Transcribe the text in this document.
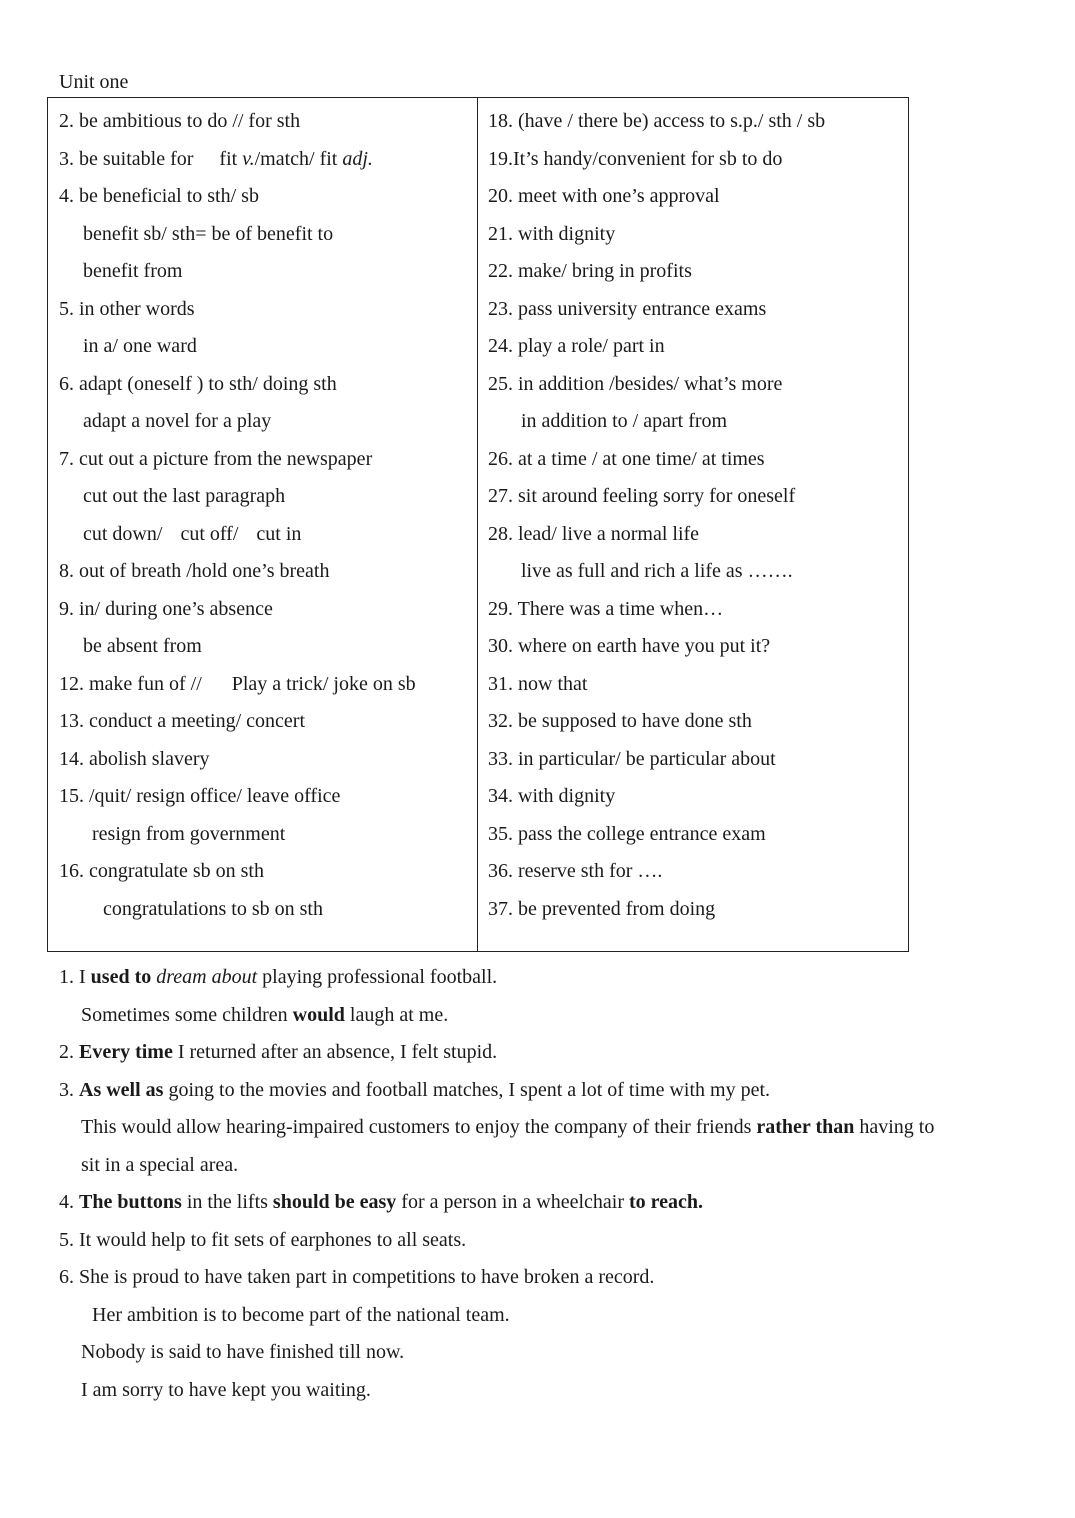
Unit one
2. be ambitious to do // for sth
3. be suitable for fit v./match/ fit adj.
4. be beneficial to sth/ sb
benefit sb/ sth= be of benefit to
benefit from
5. in other words
in a/ one ward
6. adapt (oneself ) to sth/ doing sth
adapt a novel for a play
7. cut out a picture from the newspaper
cut out the last paragraph
cut down/ cut off/ cut in
8. out of breath /hold one’s breath
9. in/ during one’s absence
be absent from
12. make fun of // Play a trick/ joke on sb
13. conduct a meeting/ concert
14. abolish slavery
15. /quit/ resign office/ leave office
resign from government
16. congratulate sb on sth
congratulations to sb on sth
18. (have / there be) access to s.p./ sth / sb
19.It’s handy/convenient for sb to do
20. meet with one’s approval
21. with dignity
22. make/ bring in profits
23. pass university entrance exams
24. play a role/ part in
25. in addition /besides/ what’s more
in addition to / apart from
26. at a time / at one time/ at times
27. sit around feeling sorry for oneself
28. lead/ live a normal life
live as full and rich a life as …….
29. There was a time when…
30. where on earth have you put it?
31. now that
32. be supposed to have done sth
33. in particular/ be particular about
34. with dignity
35. pass the college entrance exam
36. reserve sth for ….
37. be prevented from doing
1. I used to dream about playing professional football.
Sometimes some children would laugh at me.
2. Every time I returned after an absence, I felt stupid.
3. As well as going to the movies and football matches, I spent a lot of time with my pet.
This would allow hearing-impaired customers to enjoy the company of their friends rather than having to
sit in a special area.
4. The buttons in the lifts should be easy for a person in a wheelchair to reach.
5. It would help to fit sets of earphones to all seats.
6. She is proud to have taken part in competitions to have broken a record.
Her ambition is to become part of the national team.
Nobody is said to have finished till now.
I am sorry to have kept you waiting.
